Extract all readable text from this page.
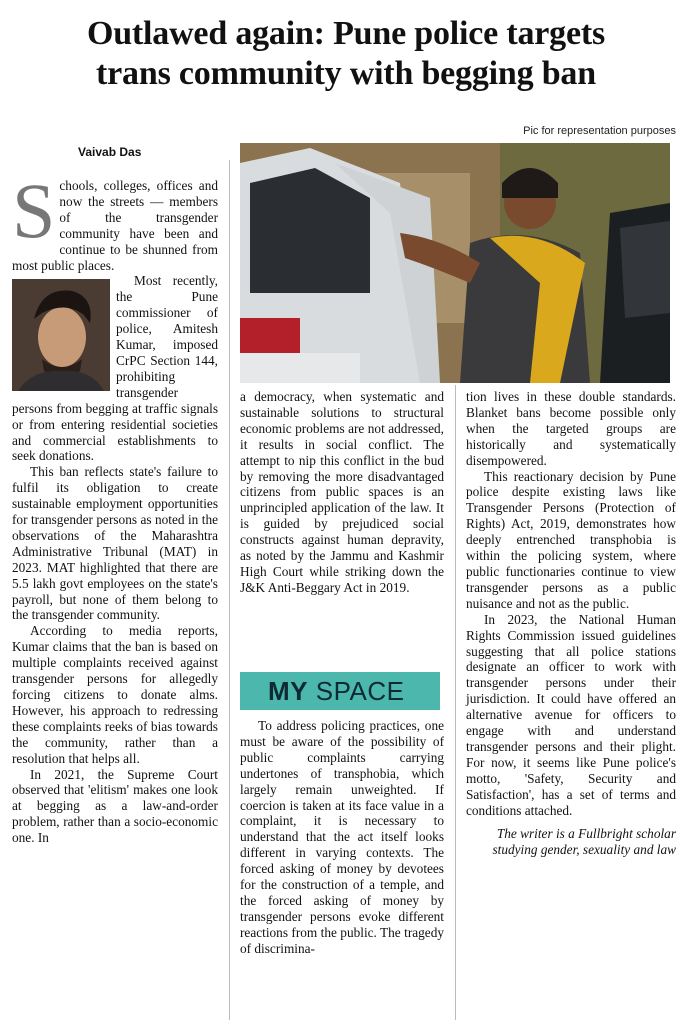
Outlawed again: Pune police targets
trans community with begging ban
Vaivab Das
Pic for representation purposes

S chools, colleges, offices and now the streets — members of the transgender community have been and continue to be shunned from most public places.

Most recently, the Pune commissioner of police, Amitesh Kumar, imposed CrPC Section 144, prohibiting transgender persons from begging at traffic signals or from entering residential societies and commercial establishments to seek donations.

This ban reflects state's failure to fulfil its obligation to create sustainable employment opportunities for transgender persons as noted in the observations of the Maharashtra Administrative Tribunal (MAT) in 2023. MAT highlighted that there are 5.5 lakh govt employees on the state's payroll, but none of them belong to the transgender community.

According to media reports, Kumar claims that the ban is based on multiple complaints received against transgender persons for allegedly forcing citizens to donate alms. However, his approach to redressing these complaints reeks of bias towards the community, rather than a resolution that helps all.

In 2021, the Supreme Court observed that 'elitism' makes one look at begging as a law-and-order problem, rather than a socio-economic one. In

a democracy, when systematic and sustainable solutions to structural economic problems are not addressed, it results in social conflict. The attempt to nip this conflict in the bud by removing the more disadvantaged citizens from public spaces is an unprincipled application of the law. It is guided by prejudiced social constructs against human depravity, as noted by the Jammu and Kashmir High Court while striking down the J&K Anti-Beggary Act in 2019.

MY SPACE

To address policing practices, one must be aware of the possibility of public complaints carrying undertones of transphobia, which largely remain unweighted. If coercion is taken at its face value in a complaint, it is necessary to understand that the act itself looks different in varying contexts. The forced asking of money by devotees for the construction of a temple, and the forced asking of money by transgender persons evoke different reactions from the public. The tragedy of discrimina-

tion lives in these double standards. Blanket bans become possible only when the targeted groups are historically and systematically disempowered.

This reactionary decision by Pune police despite existing laws like Transgender Persons (Protection of Rights) Act, 2019, demonstrates how deeply entrenched transphobia is within the policing system, where public functionaries continue to view transgender persons as a public nuisance and not as the public.

In 2023, the National Human Rights Commission issued guidelines suggesting that all police stations designate an officer to work with transgender persons under their jurisdiction. It could have offered an alternative avenue for officers to engage with and understand transgender persons and their plight. For now, it seems like Pune police's motto, 'Safety, Security and Satisfaction', has a set of terms and conditions attached.

The writer is a Fullbright scholar studying gender, sexuality and law
